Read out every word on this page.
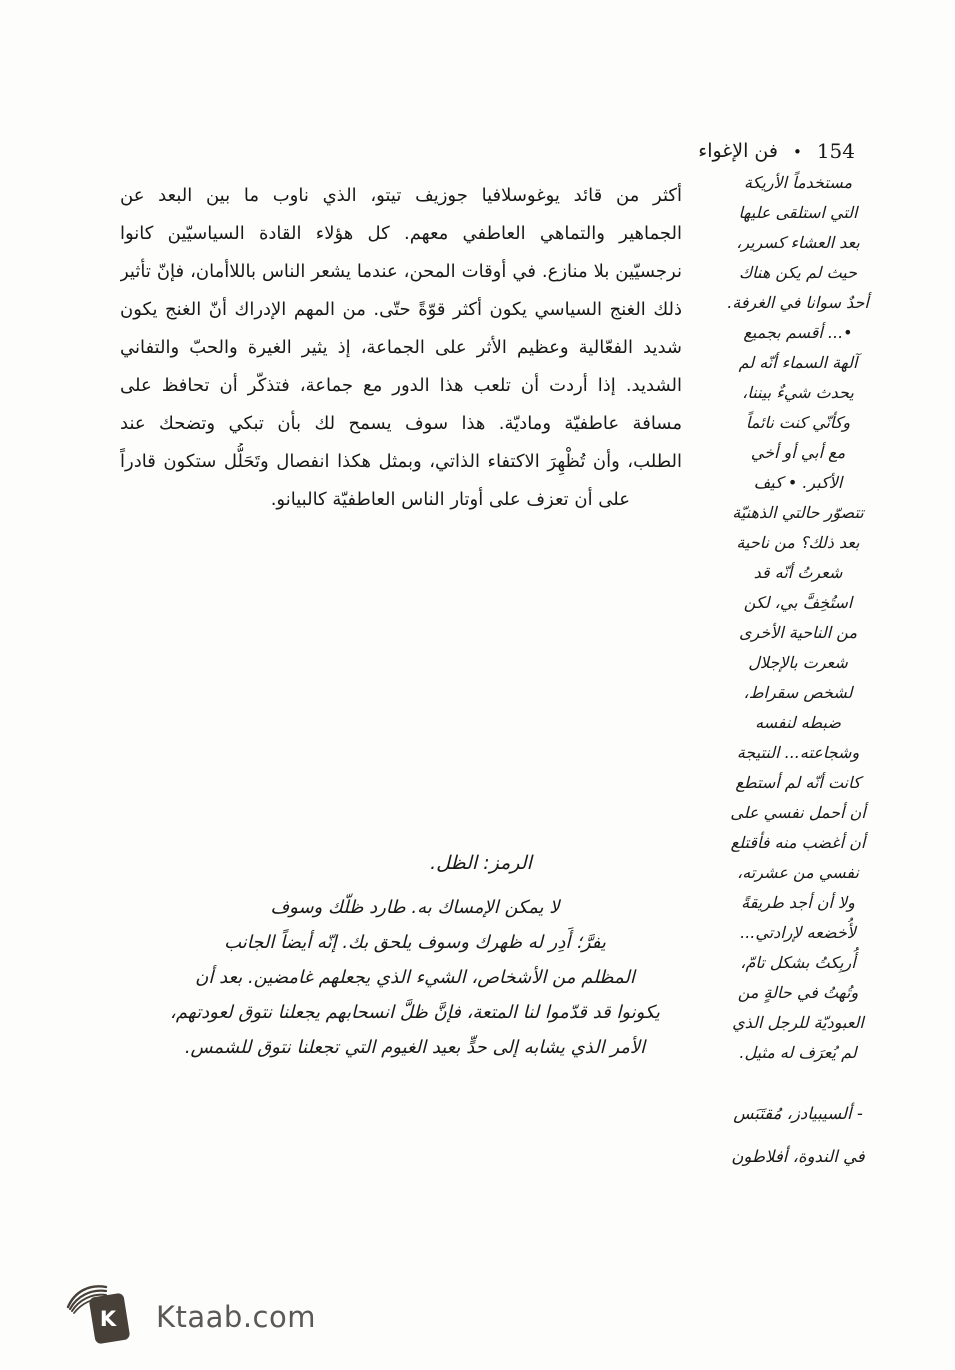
فن الإغواء • 154
أكثر من قائد يوغوسلافيا جوزيف تيتو، الذي ناوب ما بين البعد عن
الجماهير والتماهي العاطفي معهم. كل هؤلاء القادة السياسيّين كانوا
نرجسيّين بلا منازع. في أوقات المحن، عندما يشعر الناس باللاأمان، فإنّ تأثير
ذلك الغنج السياسي يكون أكثر قوّةً حتّى. من المهم الإدراك أنّ الغنج يكون
شديد الفعّالية وعظيم الأثر على الجماعة، إذ يثير الغيرة والحبّ والتفاني
الشديد. إذا أردت أن تلعب هذا الدور مع جماعة، فتذكّر أن تحافظ على
مسافة عاطفيّة وماديّة. هذا سوف يسمح لك بأن تبكي وتضحك عند
الطلب، وأن تُظْهِرَ الاكتفاء الذاتي، وبمثل هكذا انفصال وتَحَلُّل ستكون قادراً
على أن تعزف على أوتار الناس العاطفيّة كالبيانو.
مستخدماً الأريكة
التي استلقى عليها
بعد العشاء كسرير،
حيث لم يكن هناك
أحدٌ سوانا في الغرفة.
•... أقسم بجميع
آلهة السماء أنّه لم
يحدث شيءٌ بيننا،
وكأنّي كنت نائماً
مع أبي أو أخي
الأكبر. • كيف
تتصوّر حالتي الذهنيّة
بعد ذلك؟ من ناحية
شعرتُ أنّه قد
استُخِفَّ بي، لكن
من الناحية الأخرى
شعرت بالإجلال
لشخص سقراط،
ضبطه لنفسه
وشجاعته... النتيجة
كانت أنّه لم أستطع
أن أحمل نفسي على
أن أغضب منه فأقتلع
نفسي من عشرته،
ولا أن أجد طريقةً
لأُخضعه لإرادتي...
أُربِكتُ بشكل تامّ،
وتُهتُ في حالةٍ من
العبوديّة للرجل الذي
لم يُعرَف له مثيل.
- ألسيبيادز، مُقتَبَس
في الندوة، أفلاطون
الرمز: الظل.
لا يمكن الإمساك به. طارد ظلّك وسوف
يفرَّ؛ أَدِر له ظهرك وسوف يلحق بك. إنّه أيضاً الجانب
المظلم من الأشخاص، الشيء الذي يجعلهم غامضين. بعد أن
يكونوا قد قدّموا لنا المتعة، فإنَّ ظلَّ انسحابهم يجعلنا نتوق لعودتهم،
الأمر الذي يشابه إلى حدٍّ بعيد الغيوم التي تجعلنا نتوق للشمس.
K Ktaab.com
